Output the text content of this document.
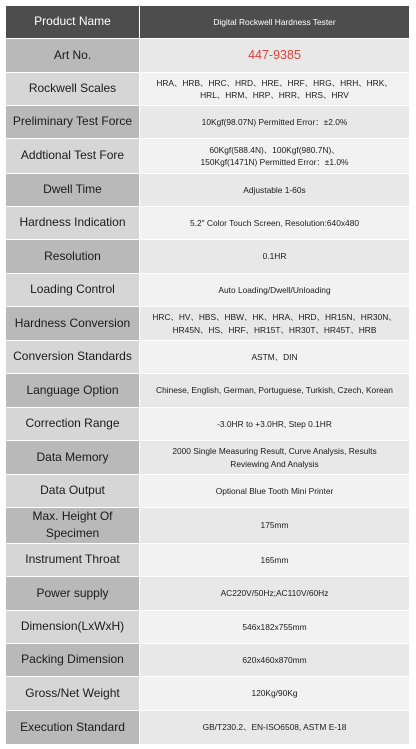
Product Name	Digital Rockwell Hardness Tester

Art No.	447-9385

Rockwell Scales	HRA、HRB、HRC、HRD、HRE、HRF、HRG、HRH、HRK、
HRL、HRM、HRP、HRR、HRS、HRV

Preliminary Test Force	10Kgf(98.07N) Permitted Error：±2.0%

Addtional Test Fore	60Kgf(588.4N)、100Kgf(980.7N)、
150Kgf(1471N) Permitted Error：±1.0%

Dwell Time	Adjustable 1-60s

Hardness Indication	5.2" Color Touch Screen, Resolution:640x480

Resolution	0.1HR

Loading Control	Auto Loading/Dwell/Unloading

Hardness Conversion	HRC、HV、HBS、HBW、HK、HRA、HRD、HR15N、HR30N、
HR45N、HS、HRF、HR15T、HR30T、HR45T、HRB

Conversion Standards	ASTM、DIN

Language Option	Chinese, English, German, Portuguese, Turkish, Czech, Korean

Correction Range	-3.0HR to +3.0HR, Step 0.1HR

Data Memory	2000 Single Measuring Result, Curve Analysis, Results
Reviewing And Analysis

Data Output	Optional Blue Tooth Mini Printer

Max. Height Of Specimen	175mm

Instrument Throat	165mm

Power supply	AC220V/50Hz;AC110V/60Hz

Dimension(LxWxH)	546x182x755mm

Packing Dimension	620x460x870mm

Gross/Net Weight	120Kg/90Kg

Execution Standard	GB/T230.2、EN-ISO6508, ASTM E-18
